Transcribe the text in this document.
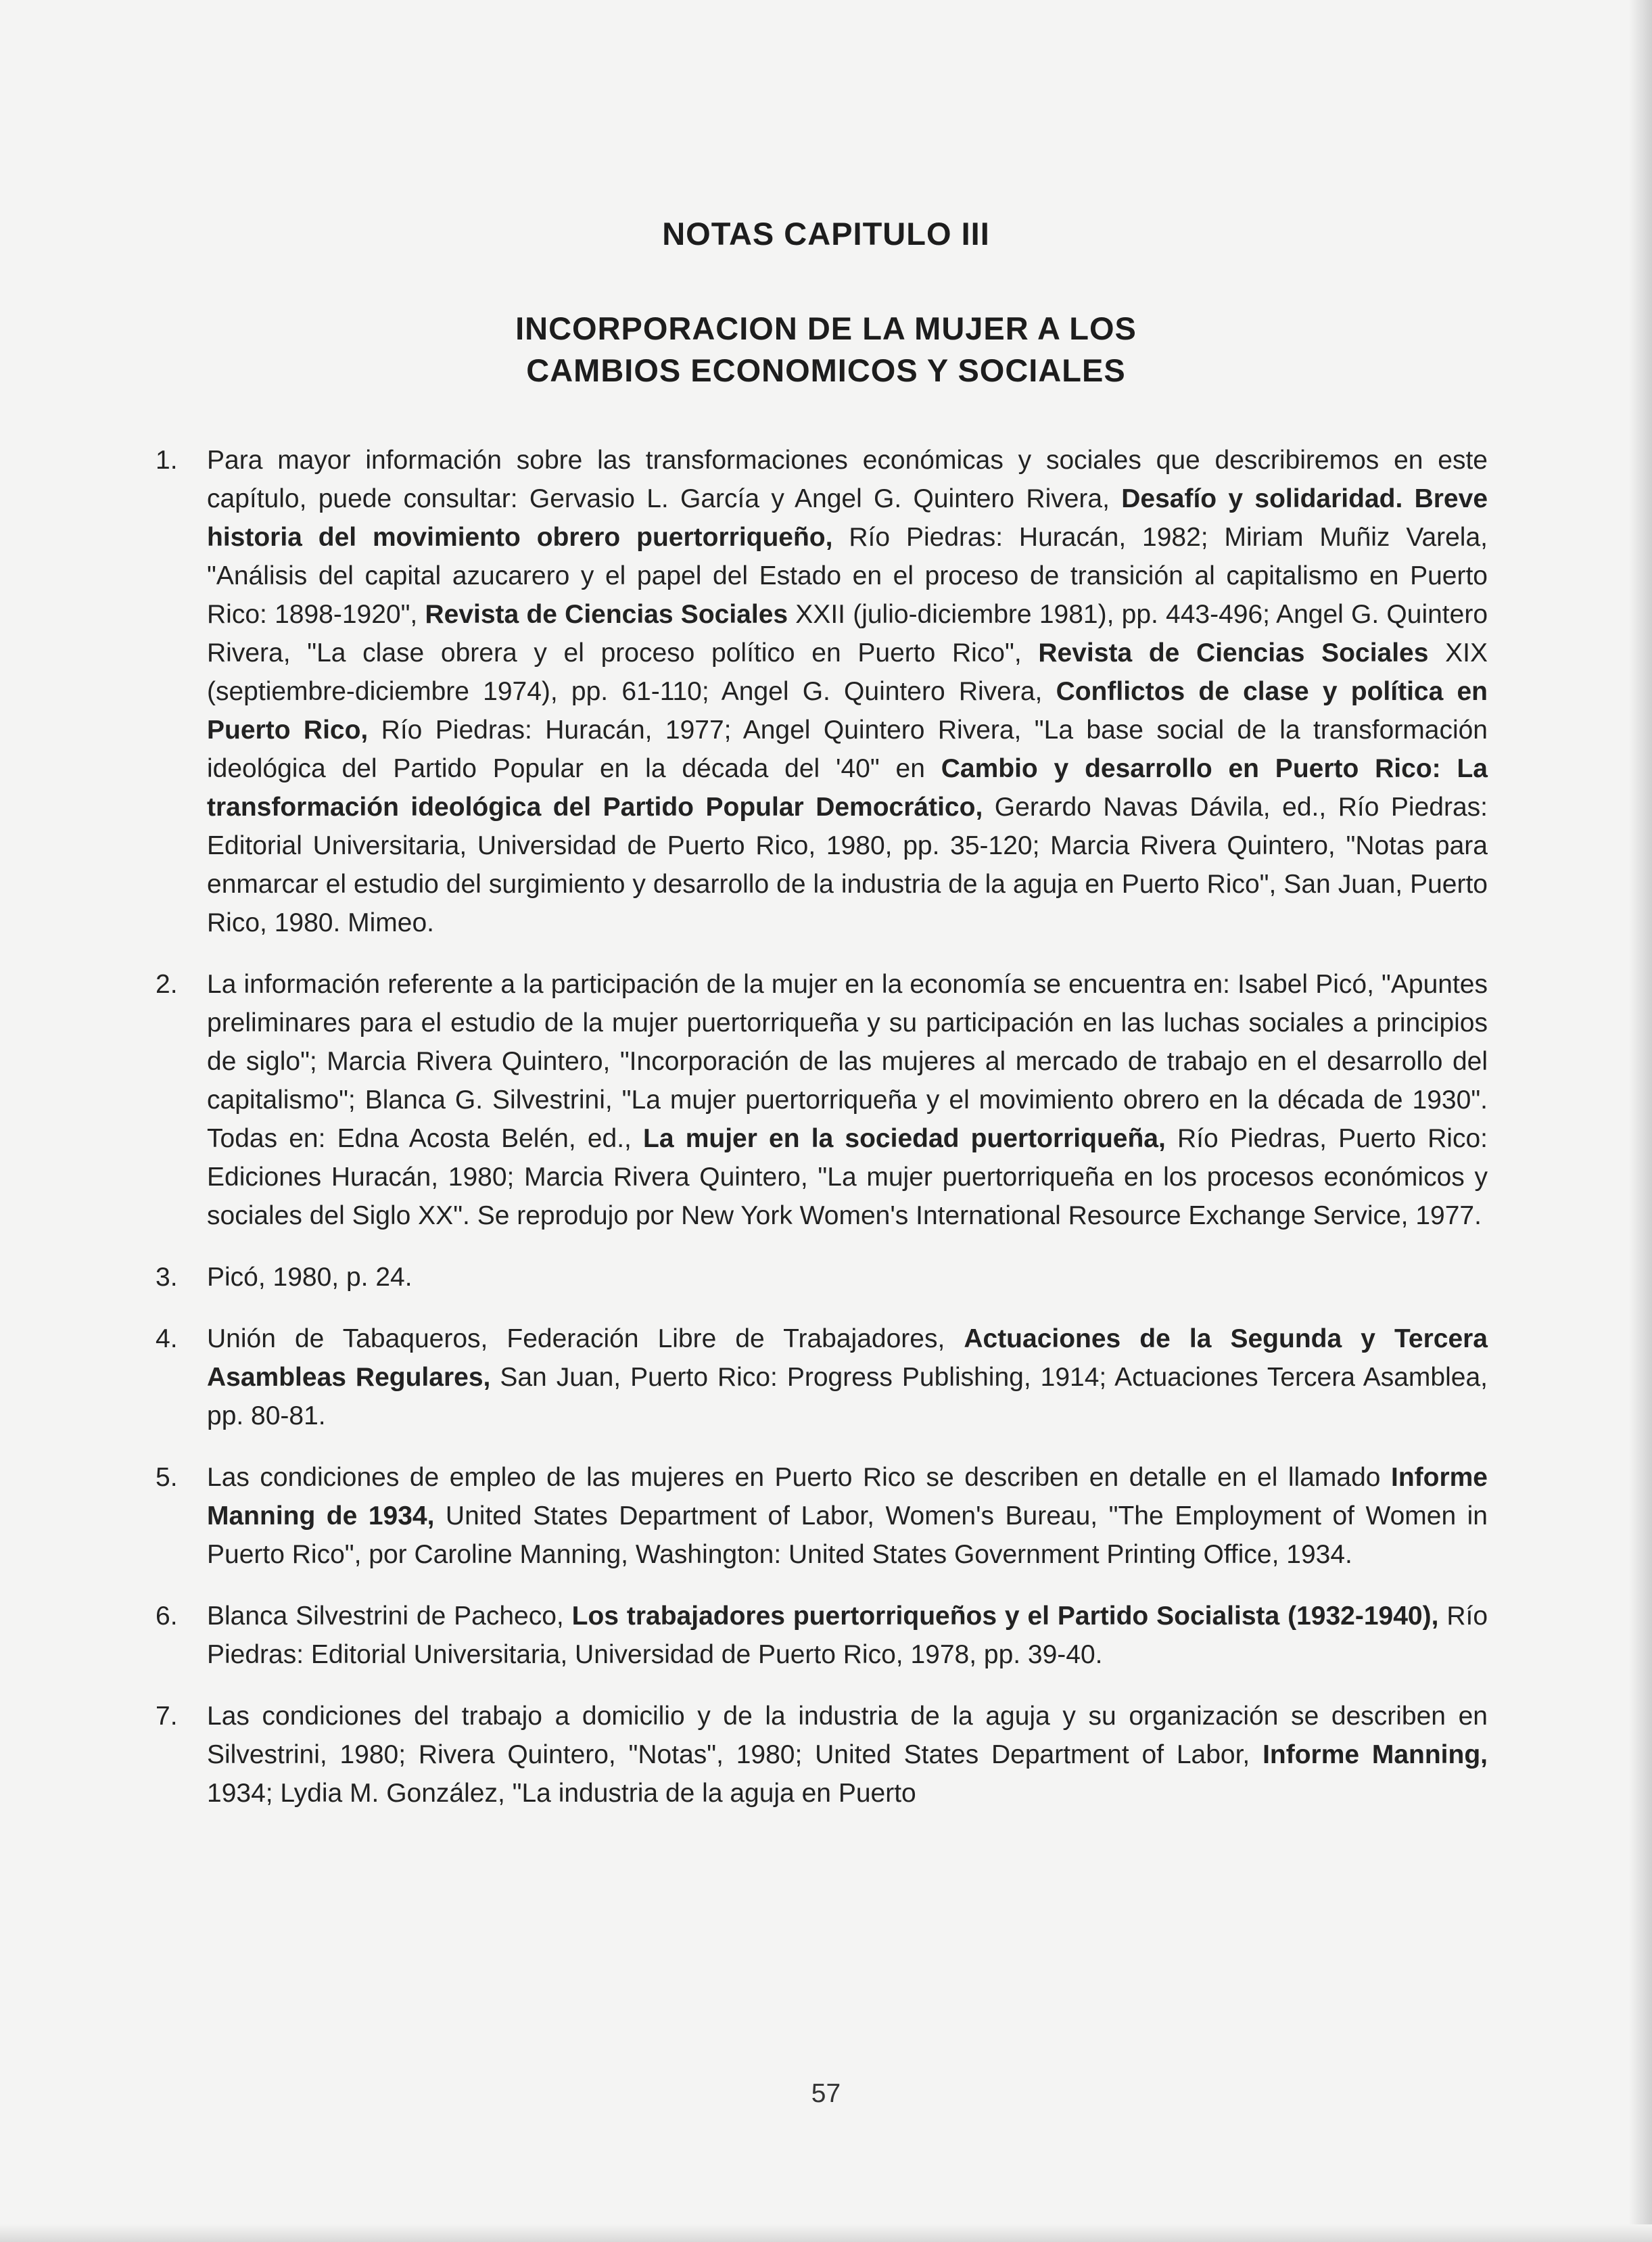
NOTAS CAPITULO III
INCORPORACION DE LA MUJER A LOS
CAMBIOS ECONOMICOS Y SOCIALES
1.	Para mayor información sobre las transformaciones económicas y sociales que describiremos en este capítulo, puede consultar: Gervasio L. García y Angel G. Quintero Rivera, Desafío y solidaridad. Breve historia del movimiento obrero puertorriqueño, Río Piedras: Huracán, 1982; Miriam Muñiz Varela, "Análisis del capital azucarero y el papel del Estado en el proceso de transición al capitalismo en Puerto Rico: 1898-1920", Revista de Ciencias Sociales XXII (julio-diciembre 1981), pp. 443-496; Angel G. Quintero Rivera, "La clase obrera y el proceso político en Puerto Rico", Revista de Ciencias Sociales XIX (septiembre-diciembre 1974), pp. 61-110; Angel G. Quintero Rivera, Conflictos de clase y política en Puerto Rico, Río Piedras: Huracán, 1977; Angel Quintero Rivera, "La base social de la transformación ideológica del Partido Popular en la década del '40" en Cambio y desarrollo en Puerto Rico: La transformación ideológica del Partido Popular Democrático, Gerardo Navas Dávila, ed., Río Piedras: Editorial Universitaria, Universidad de Puerto Rico, 1980, pp. 35-120; Marcia Rivera Quintero, "Notas para enmarcar el estudio del surgimiento y desarrollo de la industria de la aguja en Puerto Rico", San Juan, Puerto Rico, 1980. Mimeo.
2.	La información referente a la participación de la mujer en la economía se encuentra en: Isabel Picó, "Apuntes preliminares para el estudio de la mujer puertorriqueña y su participación en las luchas sociales a principios de siglo"; Marcia Rivera Quintero, "Incorporación de las mujeres al mercado de trabajo en el desarrollo del capitalismo"; Blanca G. Silvestrini, "La mujer puertorriqueña y el movimiento obrero en la década de 1930". Todas en: Edna Acosta Belén, ed., La mujer en la sociedad puertorriqueña, Río Piedras, Puerto Rico: Ediciones Huracán, 1980; Marcia Rivera Quintero, "La mujer puertorriqueña en los procesos económicos y sociales del Siglo XX". Se reprodujo por New York Women's International Resource Exchange Service, 1977.
3.	Picó, 1980, p. 24.
4.	Unión de Tabaqueros, Federación Libre de Trabajadores, Actuaciones de la Segunda y Tercera Asambleas Regulares, San Juan, Puerto Rico: Progress Publishing, 1914; Actuaciones Tercera Asamblea, pp. 80-81.
5.	Las condiciones de empleo de las mujeres en Puerto Rico se describen en detalle en el llamado Informe Manning de 1934, United States Department of Labor, Women's Bureau, "The Employment of Women in Puerto Rico", por Caroline Manning, Washington: United States Government Printing Office, 1934.
6.	Blanca Silvestrini de Pacheco, Los trabajadores puertorriqueños y el Partido Socialista (1932-1940), Río Piedras: Editorial Universitaria, Universidad de Puerto Rico, 1978, pp. 39-40.
7.	Las condiciones del trabajo a domicilio y de la industria de la aguja y su organización se describen en Silvestrini, 1980; Rivera Quintero, "Notas", 1980; United States Department of Labor, Informe Manning, 1934; Lydia M. González, "La industria de la aguja en Puerto
57
